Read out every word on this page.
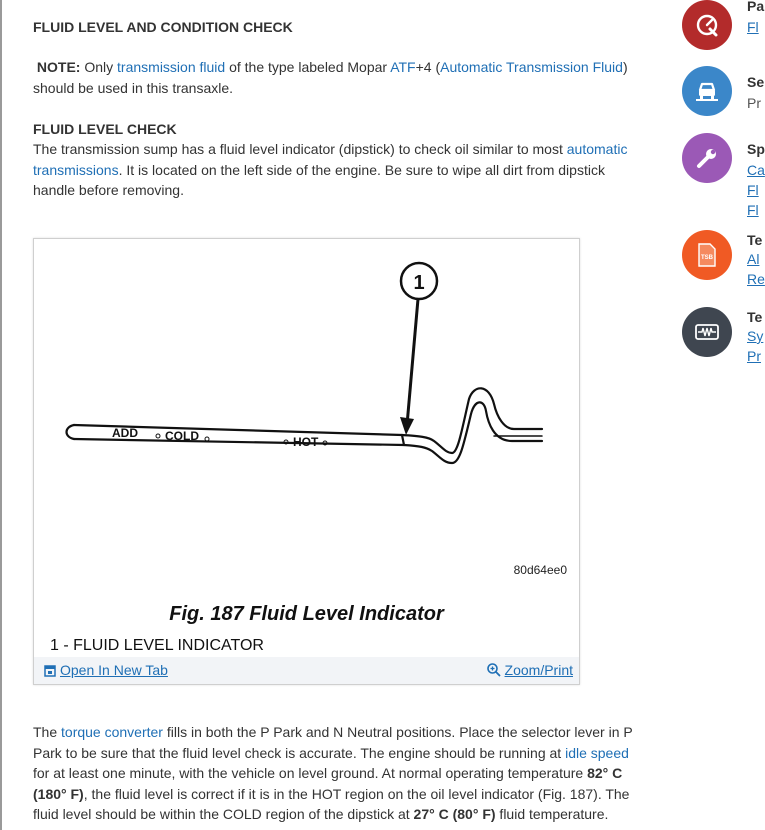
FLUID LEVEL AND CONDITION CHECK

NOTE: Only transmission fluid of the type labeled Mopar ATF+4 (Automatic Transmission Fluid) should be used in this transaxle.

FLUID LEVEL CHECK

The transmission sump has a fluid level indicator (dipstick) to check oil similar to most automatic transmissions. It is located on the left side of the engine. Be sure to wipe all dirt from dipstick handle before removing.

The torque converter fills in both the P Park and N Neutral positions. Place the selector lever in P Park to be sure that the fluid level check is accurate. The engine should be running at idle speed for at least one minute, with the vehicle on level ground. At normal operating temperature 82° C (180° F), the fluid level is correct if it is in the HOT region on the oil level indicator (Fig. 187). The fluid level should be within the COLD region of the dipstick at 27° C (80° F) fluid temperature.

1
ADD COLD	HOT
80d64ee0
Fig. 187 Fluid Level Indicator
1 - FLUID LEVEL INDICATOR
Open In New Tab	Zoom/Print
Pa
Fl
Se
Pr
Sp
Ca
Fl
Fl
TSB
Te
Al
Re
Te
Sy
Pr
